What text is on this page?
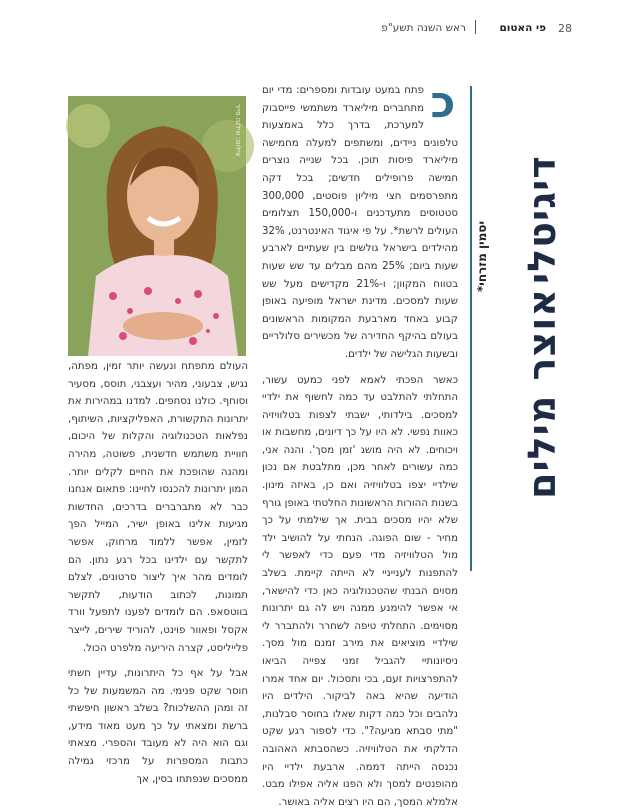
28
פי האטום
ראש השנה תשע"פ
אוצר מילים
דיגיטלי
*יסמין מזרחי
כ

פתח במעט עובדות ומספרים: מדי יום מתחברים מיליארד משתמשי פייסבוק למערכת, בדרך כלל באמצעות טלפונים ניידים, ומשתפים למעלה מחמישה מיליארד פיסות תוכן. בכל שנייה נוצרים חמישה פרופילים חדשים; בכל דקה מתפרסמים חצי מיליון פוסטים, 300,000 סטטוסים מתעדכנים ו-150,000 תצלומים העולים לרשת*. על פי איגוד האינטרנט, 32% מהילדים בישראל גולשים בין שעתיים לארבע שעות ביום; 25% מהם מבלים עד שש שעות בטווח המקוון; ו-21% מקדישים מעל שש שעות למסכים. מדינת ישראל מופיעה באופן קבוע באחד מארבעת המקומות הראשונים בעולם בהיקף החדירה של מכשירים סלולריים ובשעות הגלישה של ילדים.

כאשר הפכתי לאמא לפני כמעט עשור, התחלתי להתלבט עד כמה לחשוף את ילדיי למסכים. בילדותי, ישבתי לצפות בטלוויזיה כאוות נפשי. לא היו על כך דיונים, מחשבות או ויכוחים. לא היה מושג 'זמן מסך'. והנה אני, כמה עשורים לאחר מכן, מתלבטת אם נכון שילדיי יצפו בטלוויזיה ואם כן, באיזה מינון. בשנות ההורות הראשונות החלטתי באופן גורף שלא יהיו מסכים בבית. אך שילמתי על כך מחיר - שום הפוגה. הנחתי על להושיב ילד מול הטלוויזיה מדי פעם כדי לאפשר לי להתפנות לענייניי לא הייתה קיימת. בשלב מסוים הבנתי שהטכנולוגיה כאן כדי להישאר, אי אפשר להימנע ממנה ויש לה גם יתרונות מסוימים. התחלתי טיפה לשחרר ולהתברר לי שילדיי מוציאים את מירב זמנם מול מסך. ניסיונותיי להגביל זמני צפייה הביאו להתפרצויות זעם, בכי ותסכול. יום אחד אמרו הודיעה שהיא באה לביקור. הילדים היו נלהבים וכל כמה דקות שאלו בחוסר סבלנות, "מתי סבתא מגיעה?". כדי לספור רגע שקט הדלקתי את הטלוויזיה. כשהסבתא האהובה נכנסה הייתה דממה. ארבעת ילדיי היו מהופנטים למסך ולא הפנו אליה אפילו מבט. אלמלא המסך, הם היו רצים אליה באושר.

צילום: אילנה פייר

העולם מתפתח ונעשה יותר זמין, מפתה, נגיש, צבעוני, מהיר ועצבני, תוסס, מסעיר וסוחף. כולנו נסחפים. למדנו במהירות את יתרונות התקשורת, האפליקציות, השיתוף, נפלאות הטכנולוגיה והקלות של היכום, חוויית משתמש חדשנית, פשוטה, מהירה ומהנה שהופכת את החיים לקלים יותר. המון יתרונות להכנסו לחיינו: פתאום אנחנו כבר לא מתברברים בדרכים, החדשות מגיעות אלינו באופן ישיר, המייל הפך לזמין, אפשר ללמוד מרחוק, אפשר לתקשר עם ילדינו בכל רגע נתון. הם לומדים מהר איך ליצור סרטונים, לצלם תמונות, לכתוב הודעות, לתקשר בווטסאפ. הם לומדים לפענו לתפעל וורד אקסל ופאוור פוינט, להוריד שירים, לייצר פלייליסט, קצרה היריעה מלפרט הכול.

אבל על אף כל היתרונות, עדיין חשתי חוסר שקט פנימי. מה המשמעות של כל זה ומהן ההשלכות? בשלב ראשון חיפשתי ברשת ומצאתי על כך מעט מאוד מידע, וגם הוא היה לא מעובד והספרי. מצאתי כתבות המספרות על מרכזי גמילה ממסכים שנפתחו בסין, אך
